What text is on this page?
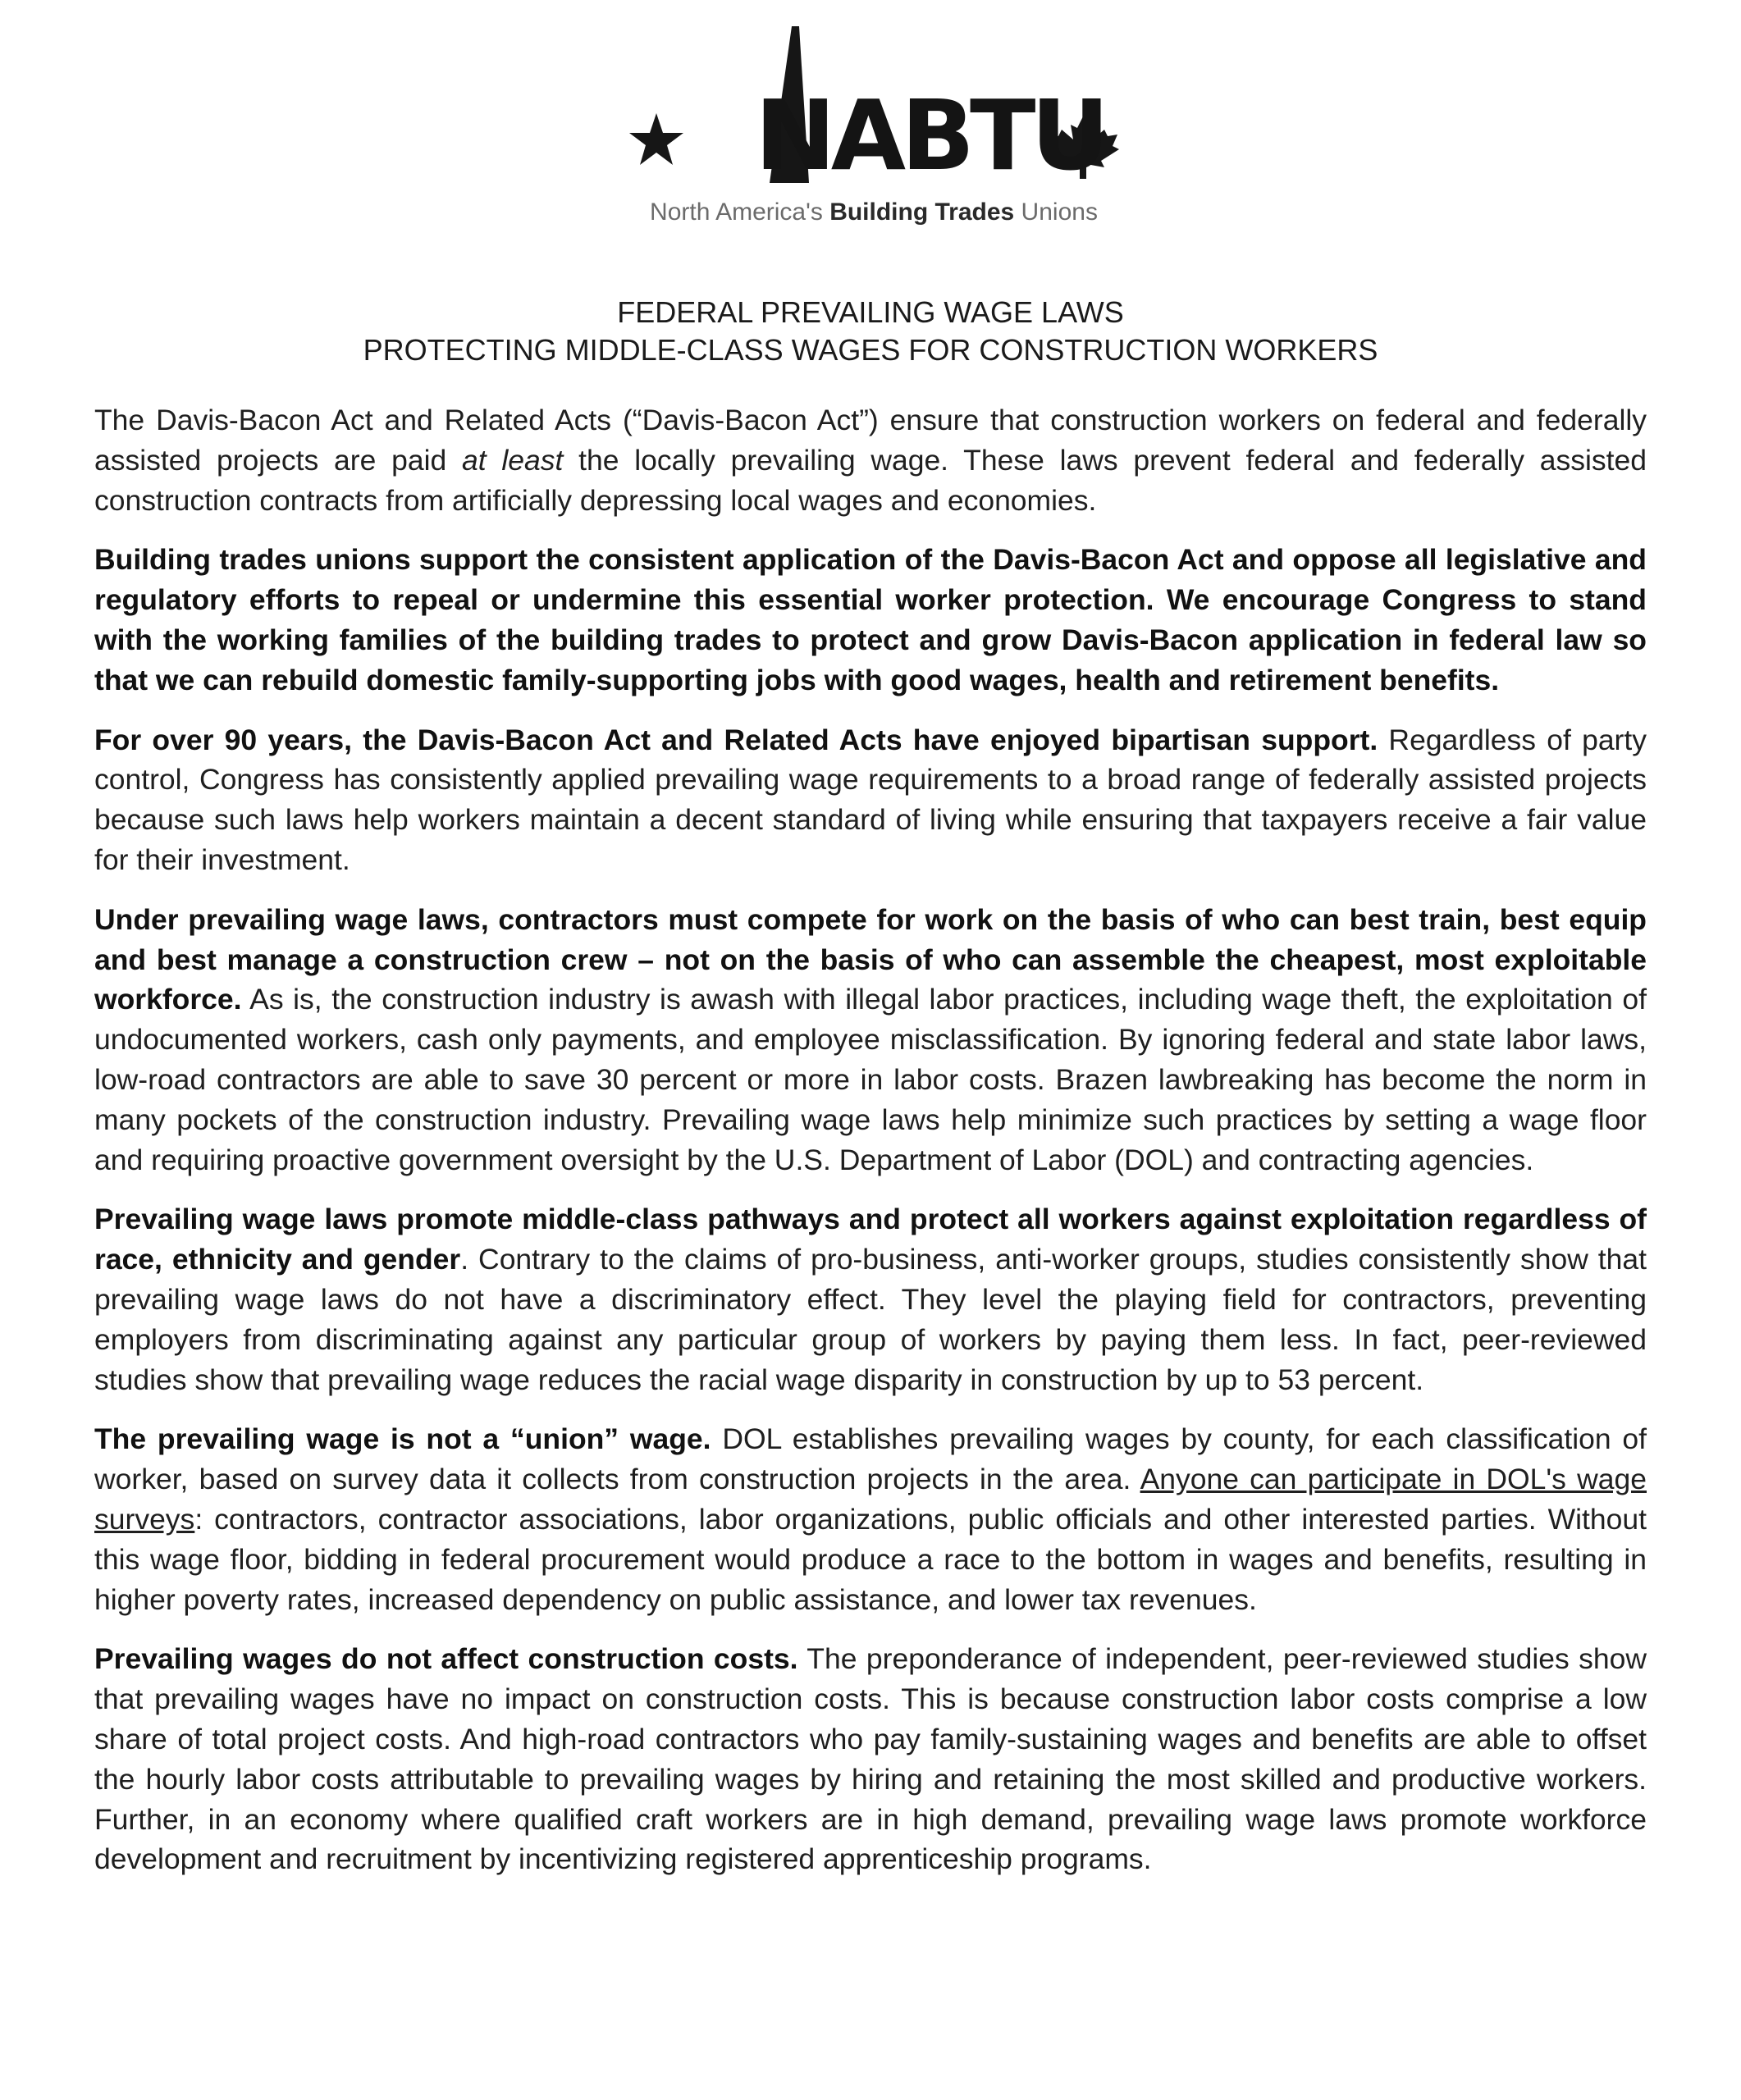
NABTU
North America's Building Trades Unions
FEDERAL PREVAILING WAGE LAWS
PROTECTING MIDDLE-CLASS WAGES FOR CONSTRUCTION WORKERS

The Davis-Bacon Act and Related Acts (“Davis-Bacon Act”) ensure that construction workers on federal and federally assisted projects are paid at least the locally prevailing wage. These laws prevent federal and federally assisted construction contracts from artificially depressing local wages and economies.

Building trades unions support the consistent application of the Davis-Bacon Act and oppose all legislative and regulatory efforts to repeal or undermine this essential worker protection. We encourage Congress to stand with the working families of the building trades to protect and grow Davis-Bacon application in federal law so that we can rebuild domestic family-supporting jobs with good wages, health and retirement benefits.

For over 90 years, the Davis-Bacon Act and Related Acts have enjoyed bipartisan support. Regardless of party control, Congress has consistently applied prevailing wage requirements to a broad range of federally assisted projects because such laws help workers maintain a decent standard of living while ensuring that taxpayers receive a fair value for their investment.

Under prevailing wage laws, contractors must compete for work on the basis of who can best train, best equip and best manage a construction crew – not on the basis of who can assemble the cheapest, most exploitable workforce. As is, the construction industry is awash with illegal labor practices, including wage theft, the exploitation of undocumented workers, cash only payments, and employee misclassification. By ignoring federal and state labor laws, low-road contractors are able to save 30 percent or more in labor costs. Brazen lawbreaking has become the norm in many pockets of the construction industry. Prevailing wage laws help minimize such practices by setting a wage floor and requiring proactive government oversight by the U.S. Department of Labor (DOL) and contracting agencies.

Prevailing wage laws promote middle-class pathways and protect all workers against exploitation regardless of race, ethnicity and gender. Contrary to the claims of pro-business, anti-worker groups, studies consistently show that prevailing wage laws do not have a discriminatory effect. They level the playing field for contractors, preventing employers from discriminating against any particular group of workers by paying them less. In fact, peer-reviewed studies show that prevailing wage reduces the racial wage disparity in construction by up to 53 percent.

The prevailing wage is not a “union” wage. DOL establishes prevailing wages by county, for each classification of worker, based on survey data it collects from construction projects in the area. Anyone can participate in DOL's wage surveys: contractors, contractor associations, labor organizations, public officials and other interested parties. Without this wage floor, bidding in federal procurement would produce a race to the bottom in wages and benefits, resulting in higher poverty rates, increased dependency on public assistance, and lower tax revenues.

Prevailing wages do not affect construction costs. The preponderance of independent, peer-reviewed studies show that prevailing wages have no impact on construction costs. This is because construction labor costs comprise a low share of total project costs. And high-road contractors who pay family-sustaining wages and benefits are able to offset the hourly labor costs attributable to prevailing wages by hiring and retaining the most skilled and productive workers. Further, in an economy where qualified craft workers are in high demand, prevailing wage laws promote workforce development and recruitment by incentivizing registered apprenticeship programs.
